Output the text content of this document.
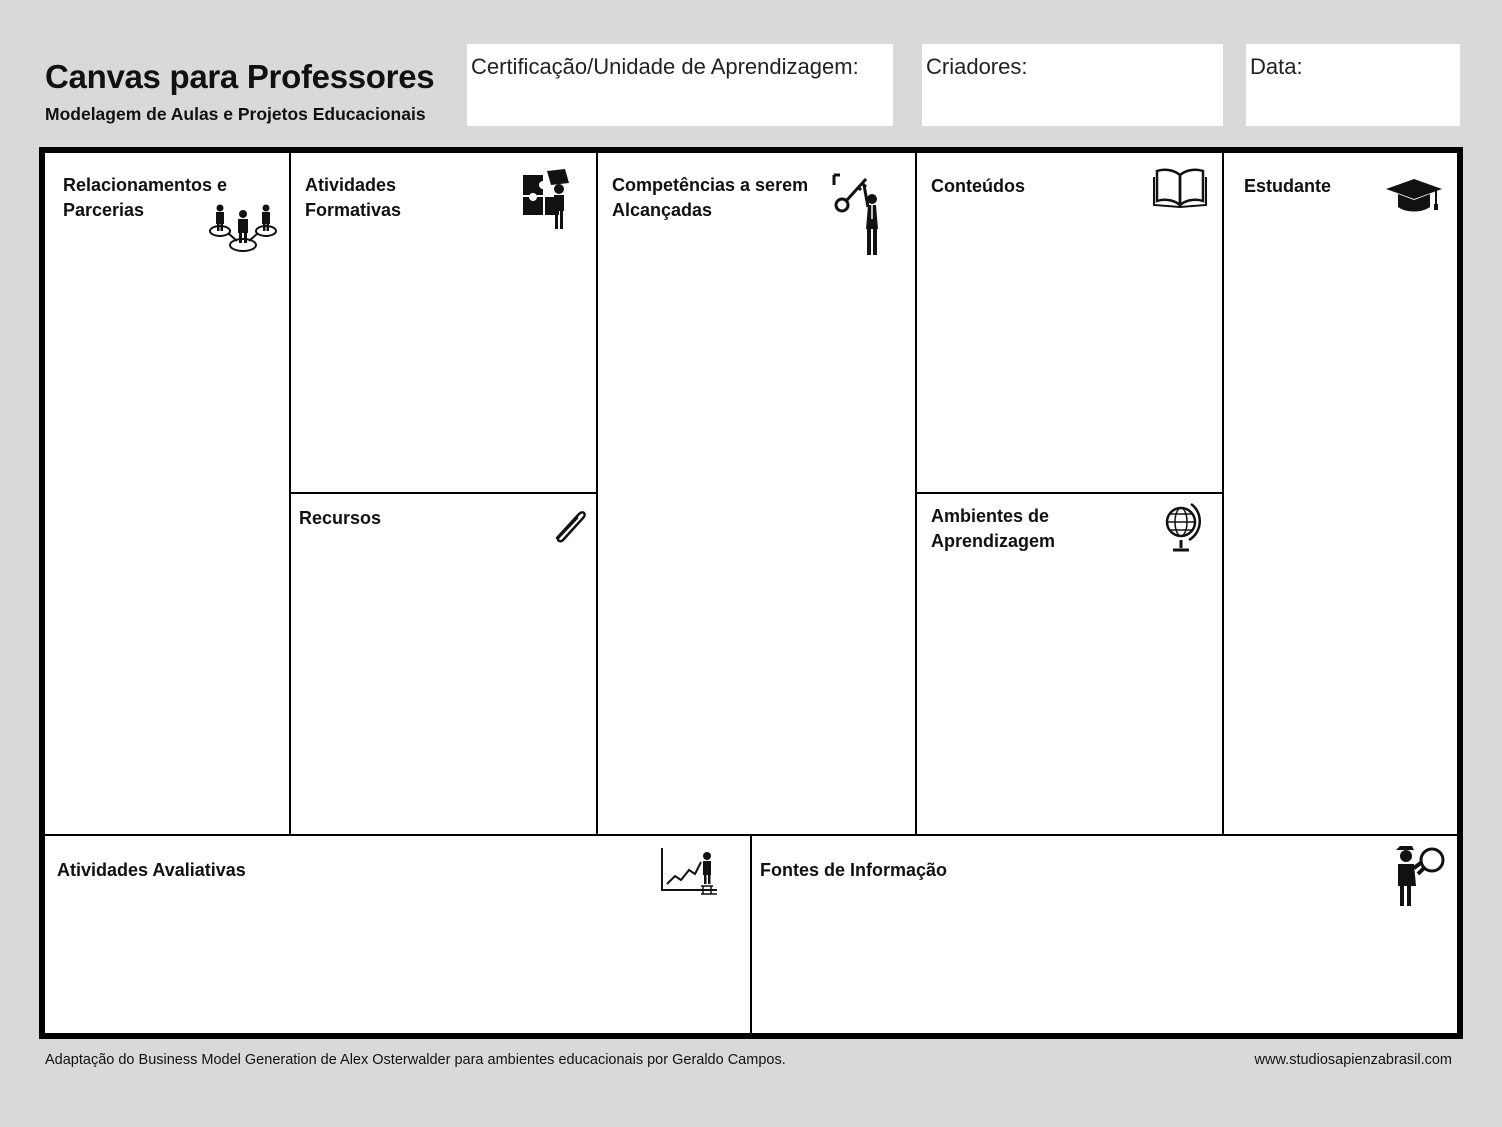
Canvas para Professores
Modelagem de Aulas e Projetos Educacionais
Certificação/Unidade de Aprendizagem:	Criadores:	Data:
Relacionamentos e Parcerias
Atividades Formativas
Recursos
Competências a serem Alcançadas
Conteúdos
Ambientes de Aprendizagem
Estudante
Atividades Avaliativas	Fontes de Informação
Adaptação do Business Model Generation de Alex Osterwalder para ambientes educacionais por Geraldo Campos.	www.studiosapienzabrasil.com
